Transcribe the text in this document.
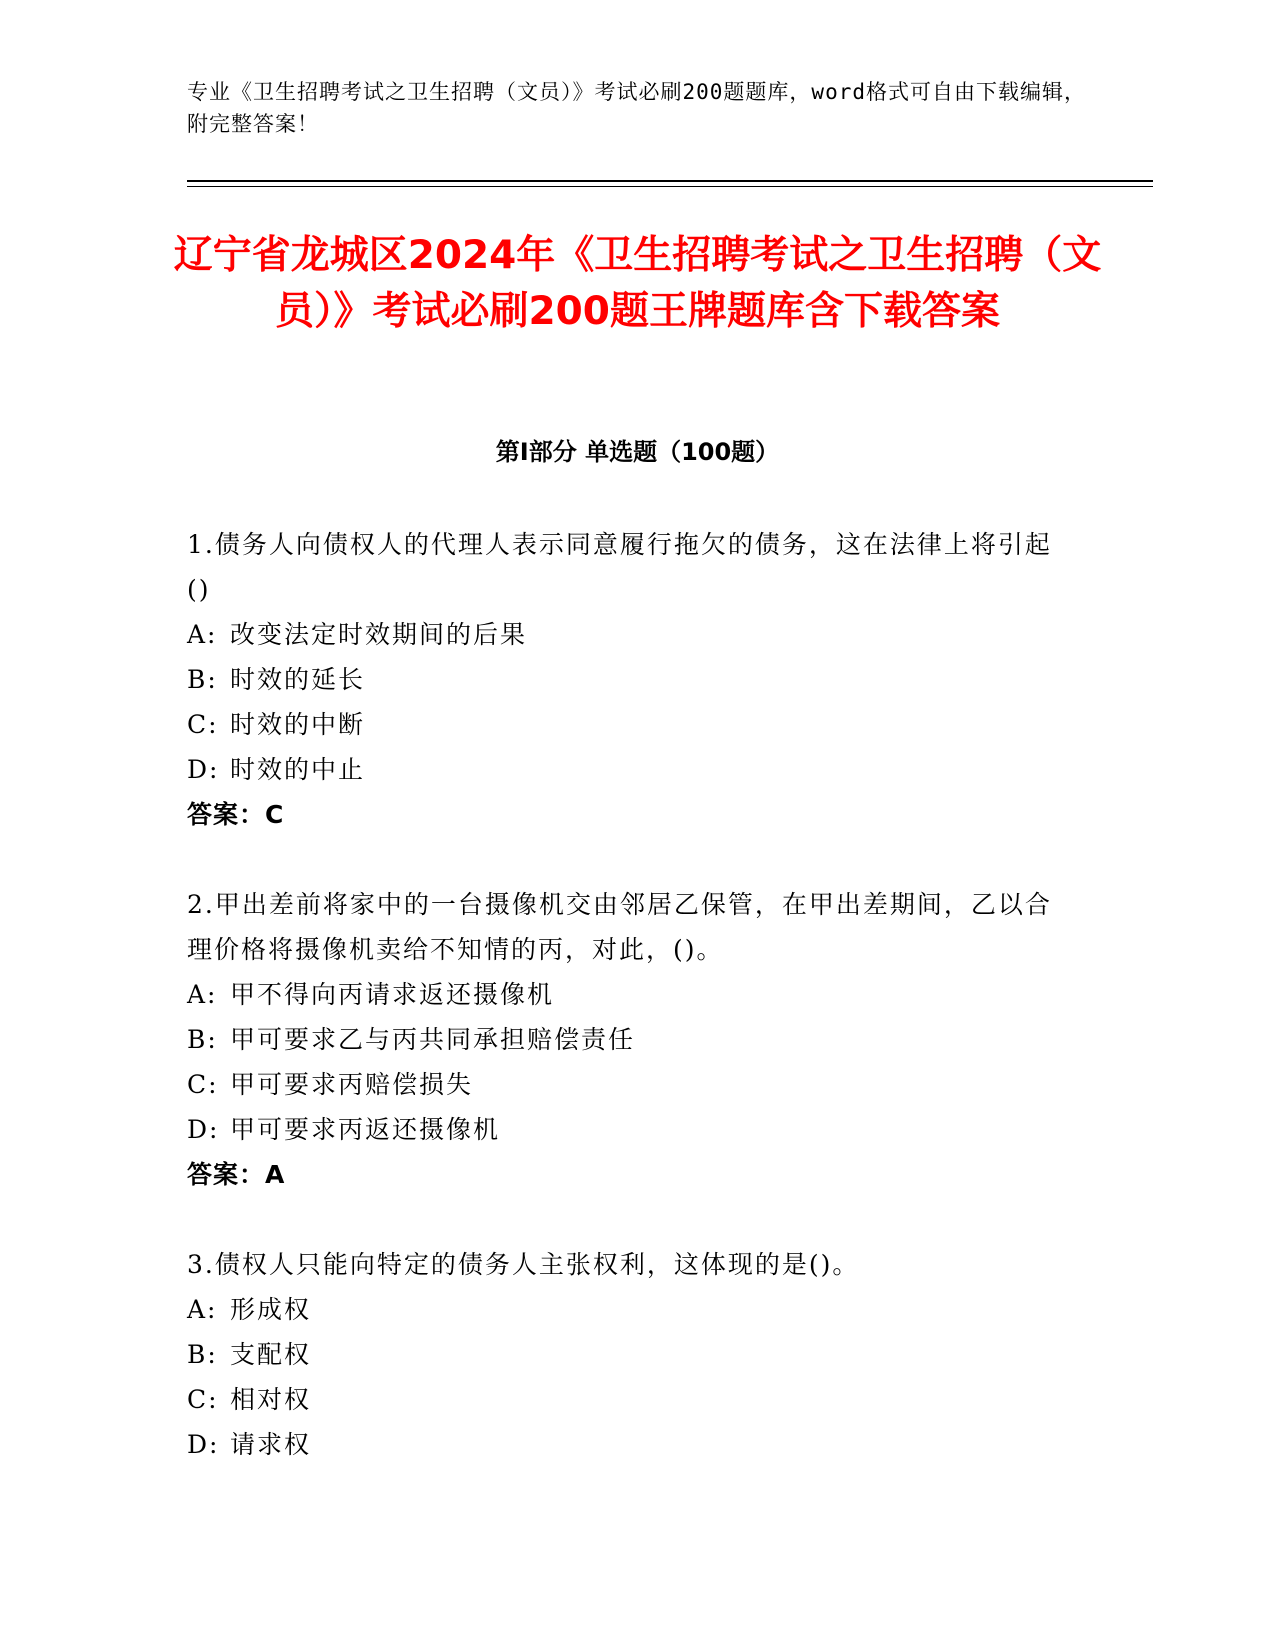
专业《卫生招聘考试之卫生招聘（文员）》考试必刷200题题库，word格式可自由下载编辑，附完整答案！
辽宁省龙城区2024年《卫生招聘考试之卫生招聘（文员）》考试必刷200题王牌题库含下载答案
第Ⅰ部分 单选题（100题）
1.债务人向债权人的代理人表示同意履行拖欠的债务，这在法律上将引起()
A: 改变法定时效期间的后果
B: 时效的延长
C: 时效的中断
D: 时效的中止
答案：C
2.甲出差前将家中的一台摄像机交由邻居乙保管，在甲出差期间，乙以合理价格将摄像机卖给不知情的丙，对此，()。
A: 甲不得向丙请求返还摄像机
B: 甲可要求乙与丙共同承担赔偿责任
C: 甲可要求丙赔偿损失
D: 甲可要求丙返还摄像机
答案：A
3.债权人只能向特定的债务人主张权利，这体现的是()。
A: 形成权
B: 支配权
C: 相对权
D: 请求权
